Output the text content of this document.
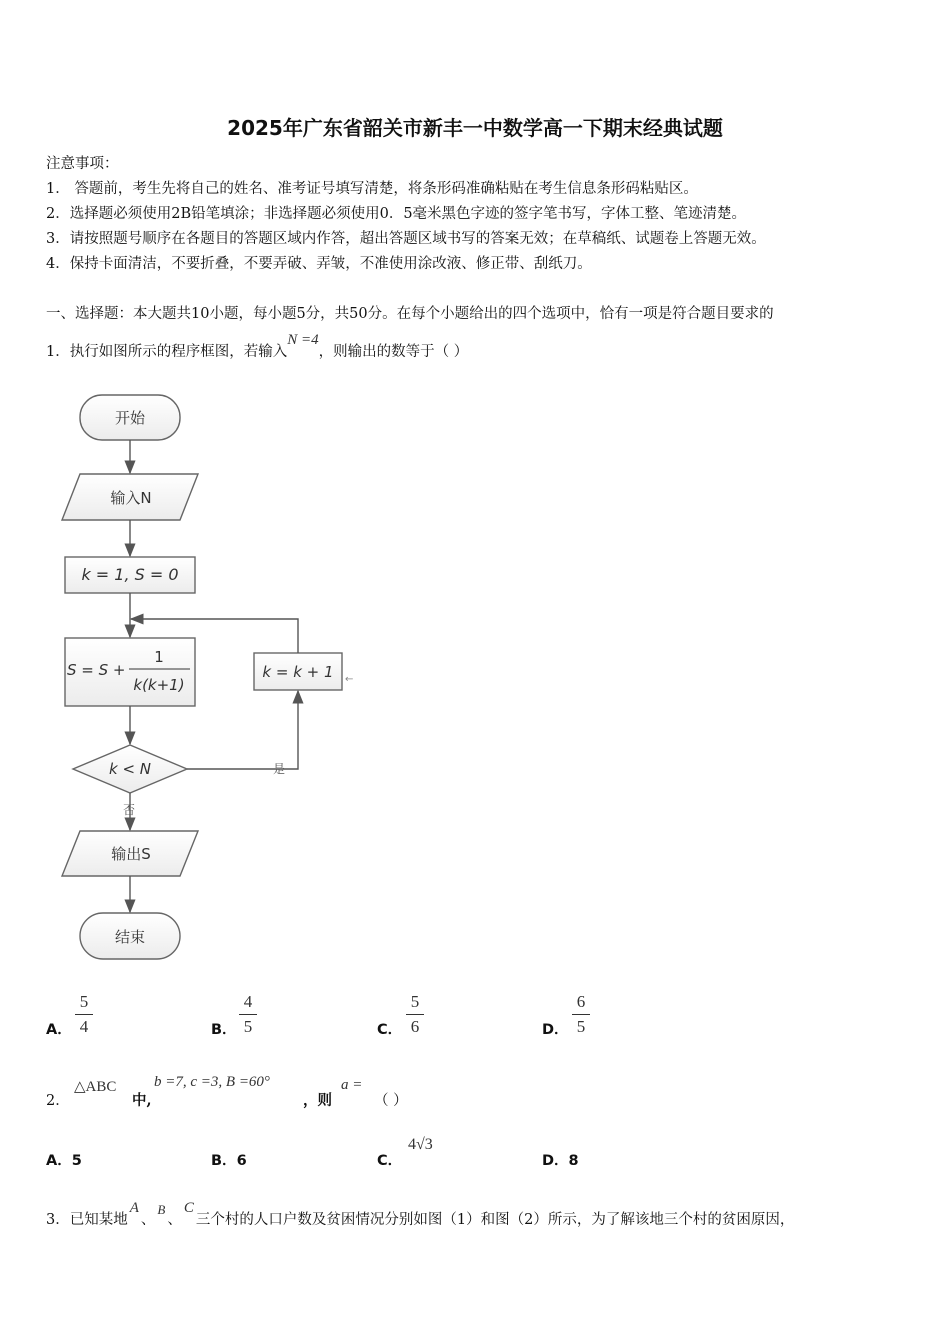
2025年广东省韶关市新丰一中数学高一下期末经典试题
注意事项：
1． 答题前，考生先将自己的姓名、准考证号填写清楚，将条形码准确粘贴在考生信息条形码粘贴区。
2．选择题必须使用2B铅笔填涂；非选择题必须使用0．5毫米黑色字迹的签字笔书写，字体工整、笔迹清楚。
3．请按照题号顺序在各题目的答题区域内作答，超出答题区域书写的答案无效；在草稿纸、试题卷上答题无效。
4．保持卡面清洁，不要折叠，不要弄破、弄皱，不准使用涂改液、修正带、刮纸刀。
一、选择题：本大题共10小题，每小题5分，共50分。在每个小题给出的四个选项中，恰有一项是符合题目要求的
1．执行如图所示的程序框图，若输入N =4，则输出的数等于（ ）
开始
输入N
k = 1, S = 0
S = S +
1
k(k+1)
k = k + 1 ←
k < N	是
否
输出S
结束
A．
5
4	B．
4
5	C．
5
6	D．
6
5
2．
△ABC
中,
b =7, c =3, B =60°
，则
a =
（ ）
A．5	B．6	C．
4√3
D．8
3．已知某地A、B、C三个村的人口户数及贫困情况分别如图（1）和图（2）所示，为了解该地三个村的贫困原因，
